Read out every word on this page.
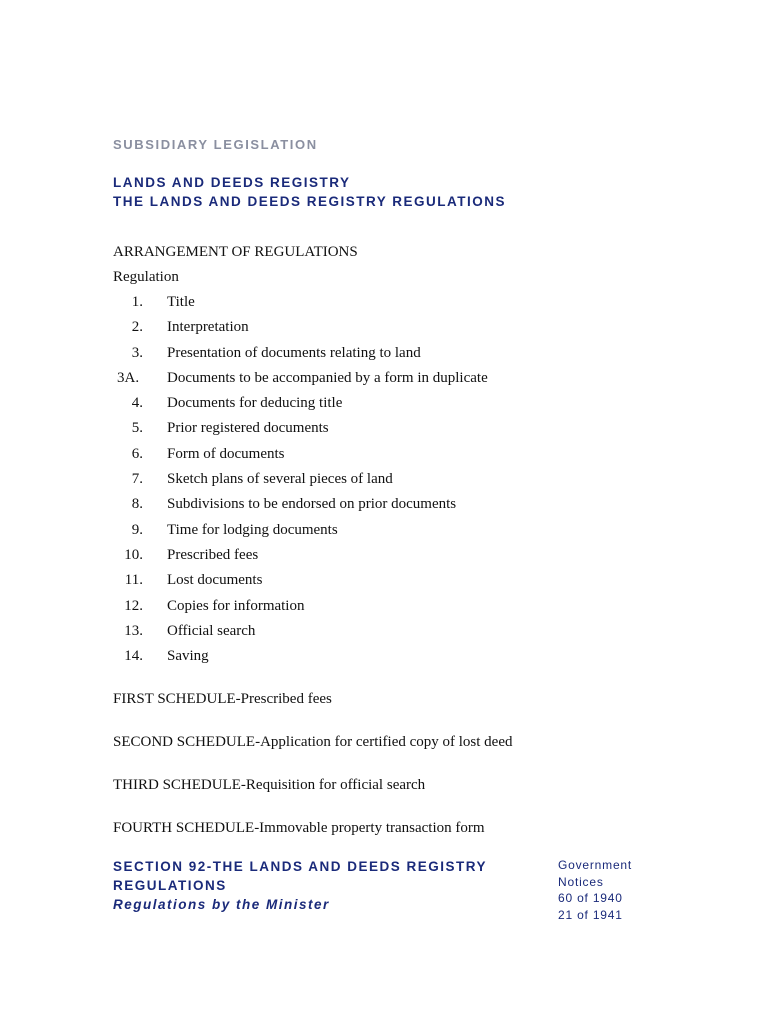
SUBSIDIARY LEGISLATION
LANDS AND DEEDS REGISTRY
THE LANDS AND DEEDS REGISTRY REGULATIONS
ARRANGEMENT OF REGULATIONS
Regulation
1. Title
2. Interpretation
3. Presentation of documents relating to land
3A.	Documents to be accompanied by a form in duplicate
4. Documents for deducing title
5. Prior registered documents
6. Form of documents
7. Sketch plans of several pieces of land
8. Subdivisions to be endorsed on prior documents
9. Time for lodging documents
10. Prescribed fees
11. Lost documents
12. Copies for information
13. Official search
14. Saving
FIRST SCHEDULE-Prescribed fees
SECOND SCHEDULE-Application for certified copy of lost deed
THIRD SCHEDULE-Requisition for official search
FOURTH SCHEDULE-Immovable property transaction form
SECTION 92-THE LANDS AND DEEDS REGISTRY
REGULATIONS
Regulations by the Minister
Government
Notices
60 of 1940
21 of 1941
